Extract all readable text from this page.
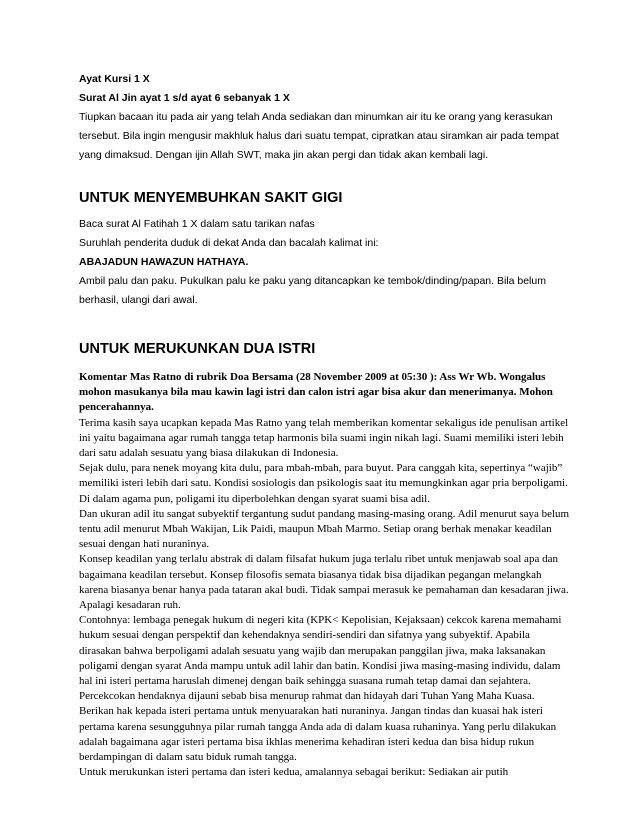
Ayat Kursi 1 X

Surat Al Jin ayat 1 s/d ayat 6 sebanyak 1 X

Tiupkan bacaan itu pada air yang telah Anda sediakan dan minumkan air itu ke orang yang kerasukan tersebut. Bila ingin mengusir makhluk halus dari suatu tempat, cipratkan atau siramkan air pada tempat yang dimaksud. Dengan ijin Allah SWT, maka jin akan pergi dan tidak akan kembali lagi.

UNTUK MENYEMBUHKAN SAKIT GIGI

Baca surat Al Fatihah 1 X dalam satu tarikan nafas

Suruhlah penderita duduk di dekat Anda dan bacalah kalimat ini:

ABAJADUN HAWAZUN HATHAYA.

Ambil palu dan paku. Pukulkan palu ke paku yang ditancapkan ke tembok/dinding/papan. Bila belum berhasil, ulangi dari awal.

UNTUK MERUKUNKAN DUA ISTRI

Komentar Mas Ratno di rubrik Doa Bersama (28 November 2009 at 05:30 ): Ass Wr Wb. Wongalus mohon masukanya bila mau kawin lagi istri dan calon istri agar bisa akur dan menerimanya. Mohon pencerahannya.

Terima kasih saya ucapkan kepada Mas Ratno yang telah memberikan komentar sekaligus ide penulisan artikel ini yaitu bagaimana agar rumah tangga tetap harmonis bila suami ingin nikah lagi. Suami memiliki isteri lebih dari satu adalah sesuatu yang biasa dilakukan di Indonesia.

Sejak dulu, para nenek moyang kita dulu, para mbah-mbah, para buyut. Para canggah kita, sepertinya “wajib” memiliki isteri lebih dari satu. Kondisi sosiologis dan psikologis saat itu memungkinkan agar pria berpoligami. Di dalam agama pun, poligami itu diperbolehkan dengan syarat suami bisa adil.

Dan ukuran adil itu sangat subyektif tergantung sudut pandang masing-masing orang. Adil menurut saya belum tentu adil menurut Mbah Wakijan, Lik Paidi, maupun Mbah Marmo. Setiap orang berhak menakar keadilan sesuai dengan hati nuraninya.

Konsep keadilan yang terlalu abstrak di dalam filsafat hukum juga terlalu ribet untuk menjawab soal apa dan bagaimana keadilan tersebut. Konsep filosofis semata biasanya tidak bisa dijadikan pegangan melangkah karena biasanya benar hanya pada tataran akal budi. Tidak sampai merasuk ke pemahaman dan kesadaran jiwa. Apalagi kesadaran ruh.

Contohnya: lembaga penegak hukum di negeri kita (KPK< Kepolisian, Kejaksaan) cekcok karena memahami hukum sesuai dengan perspektif dan kehendaknya sendiri-sendiri dan sifatnya yang subyektif. Apabila dirasakan bahwa berpoligami adalah sesuatu yang wajib dan merupakan panggilan jiwa, maka laksanakan poligami dengan syarat Anda mampu untuk adil lahir dan batin. Kondisi jiwa masing-masing individu, dalam hal ini isteri pertama haruslah dimenej dengan baik sehingga suasana rumah tetap damai dan sejahtera.

Percekcokan hendaknya dijauni sebab bisa menurup rahmat dan hidayah dari Tuhan Yang Maha Kuasa. Berikan hak kepada isteri pertama untuk menyuarakan hati nuraninya. Jangan tindas dan kuasai hak isteri pertama karena sesungguhnya pilar rumah tangga Anda ada di dalam kuasa ruhaninya. Yang perlu dilakukan adalah bagaimana agar isteri pertama bisa ikhlas menerima kehadiran isteri kedua dan bisa hidup rukun berdampingan di dalam satu biduk rumah tangga.

Untuk merukunkan isteri pertama dan isteri kedua, amalannya sebagai berikut: Sediakan air putih
